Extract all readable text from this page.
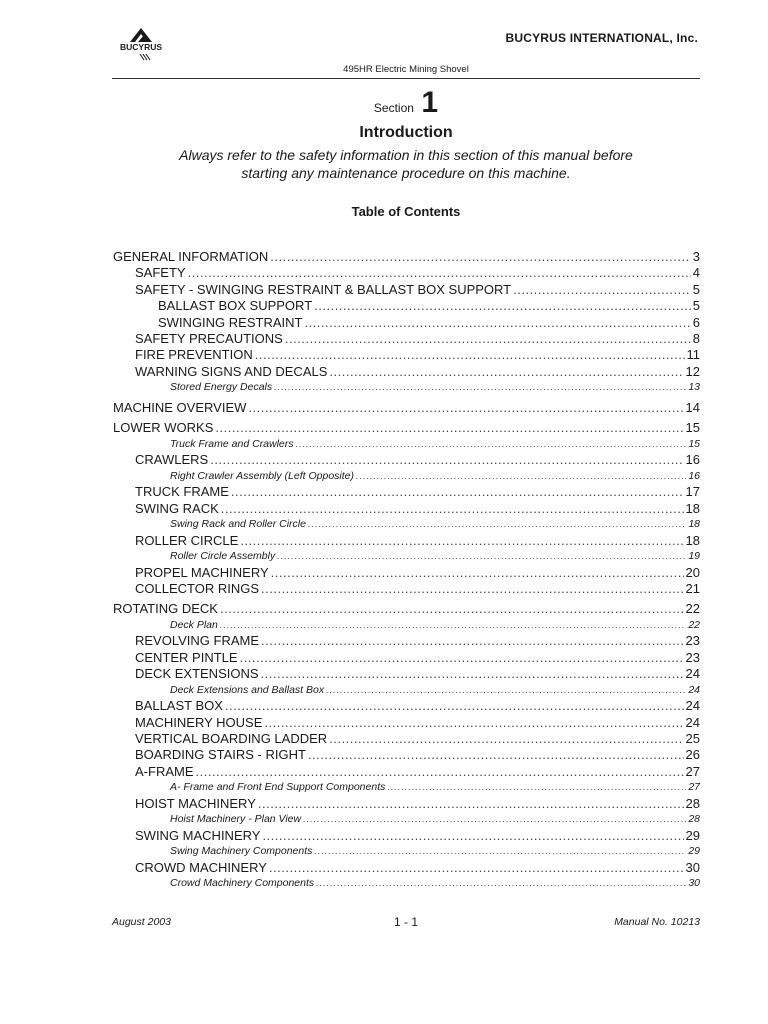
BUCYRUS
BUCYRUS INTERNATIONAL, Inc.
495HR Electric Mining Shovel
Section 1
Introduction
Always refer to the safety information in this section of this manual before
starting any maintenance procedure on this machine.
Table of Contents
GENERAL INFORMATION .....	3
SAFETY .....	4
SAFETY - SWINGING RESTRAINT & BALLAST BOX SUPPORT .....	5
BALLAST BOX SUPPORT .....	5
SWINGING RESTRAINT .....	6
SAFETY PRECAUTIONS .....	8
FIRE PREVENTION .....	11
WARNING SIGNS AND DECALS .....	12
Stored Energy Decals .....	13
MACHINE OVERVIEW .....	14
LOWER WORKS .....	15
Truck Frame and Crawlers .....	15
CRAWLERS .....	16
Right Crawler Assembly (Left Opposite) .....	16
TRUCK FRAME .....	17
SWING RACK .....	18
Swing Rack and Roller Circle .....	18
ROLLER CIRCLE .....	18
Roller Circle Assembly .....	19
PROPEL MACHINERY .....	20
COLLECTOR RINGS .....	21
ROTATING DECK .....	22
Deck Plan .....	22
REVOLVING FRAME .....	23
CENTER PINTLE .....	23
DECK EXTENSIONS .....	24
Deck Extensions and Ballast Box .....	24
BALLAST BOX .....	24
MACHINERY HOUSE .....	24
VERTICAL BOARDING LADDER .....	25
BOARDING STAIRS - RIGHT .....	26
A-FRAME .....	27
A- Frame and Front End Support Components .....	27
HOIST MACHINERY .....	28
Hoist Machinery - Plan View .....	28
SWING MACHINERY .....	29
Swing Machinery Components .....	29
CROWD MACHINERY .....	30
Crowd Machinery Components .....	30
August 2003	1 - 1	Manual No. 10213
